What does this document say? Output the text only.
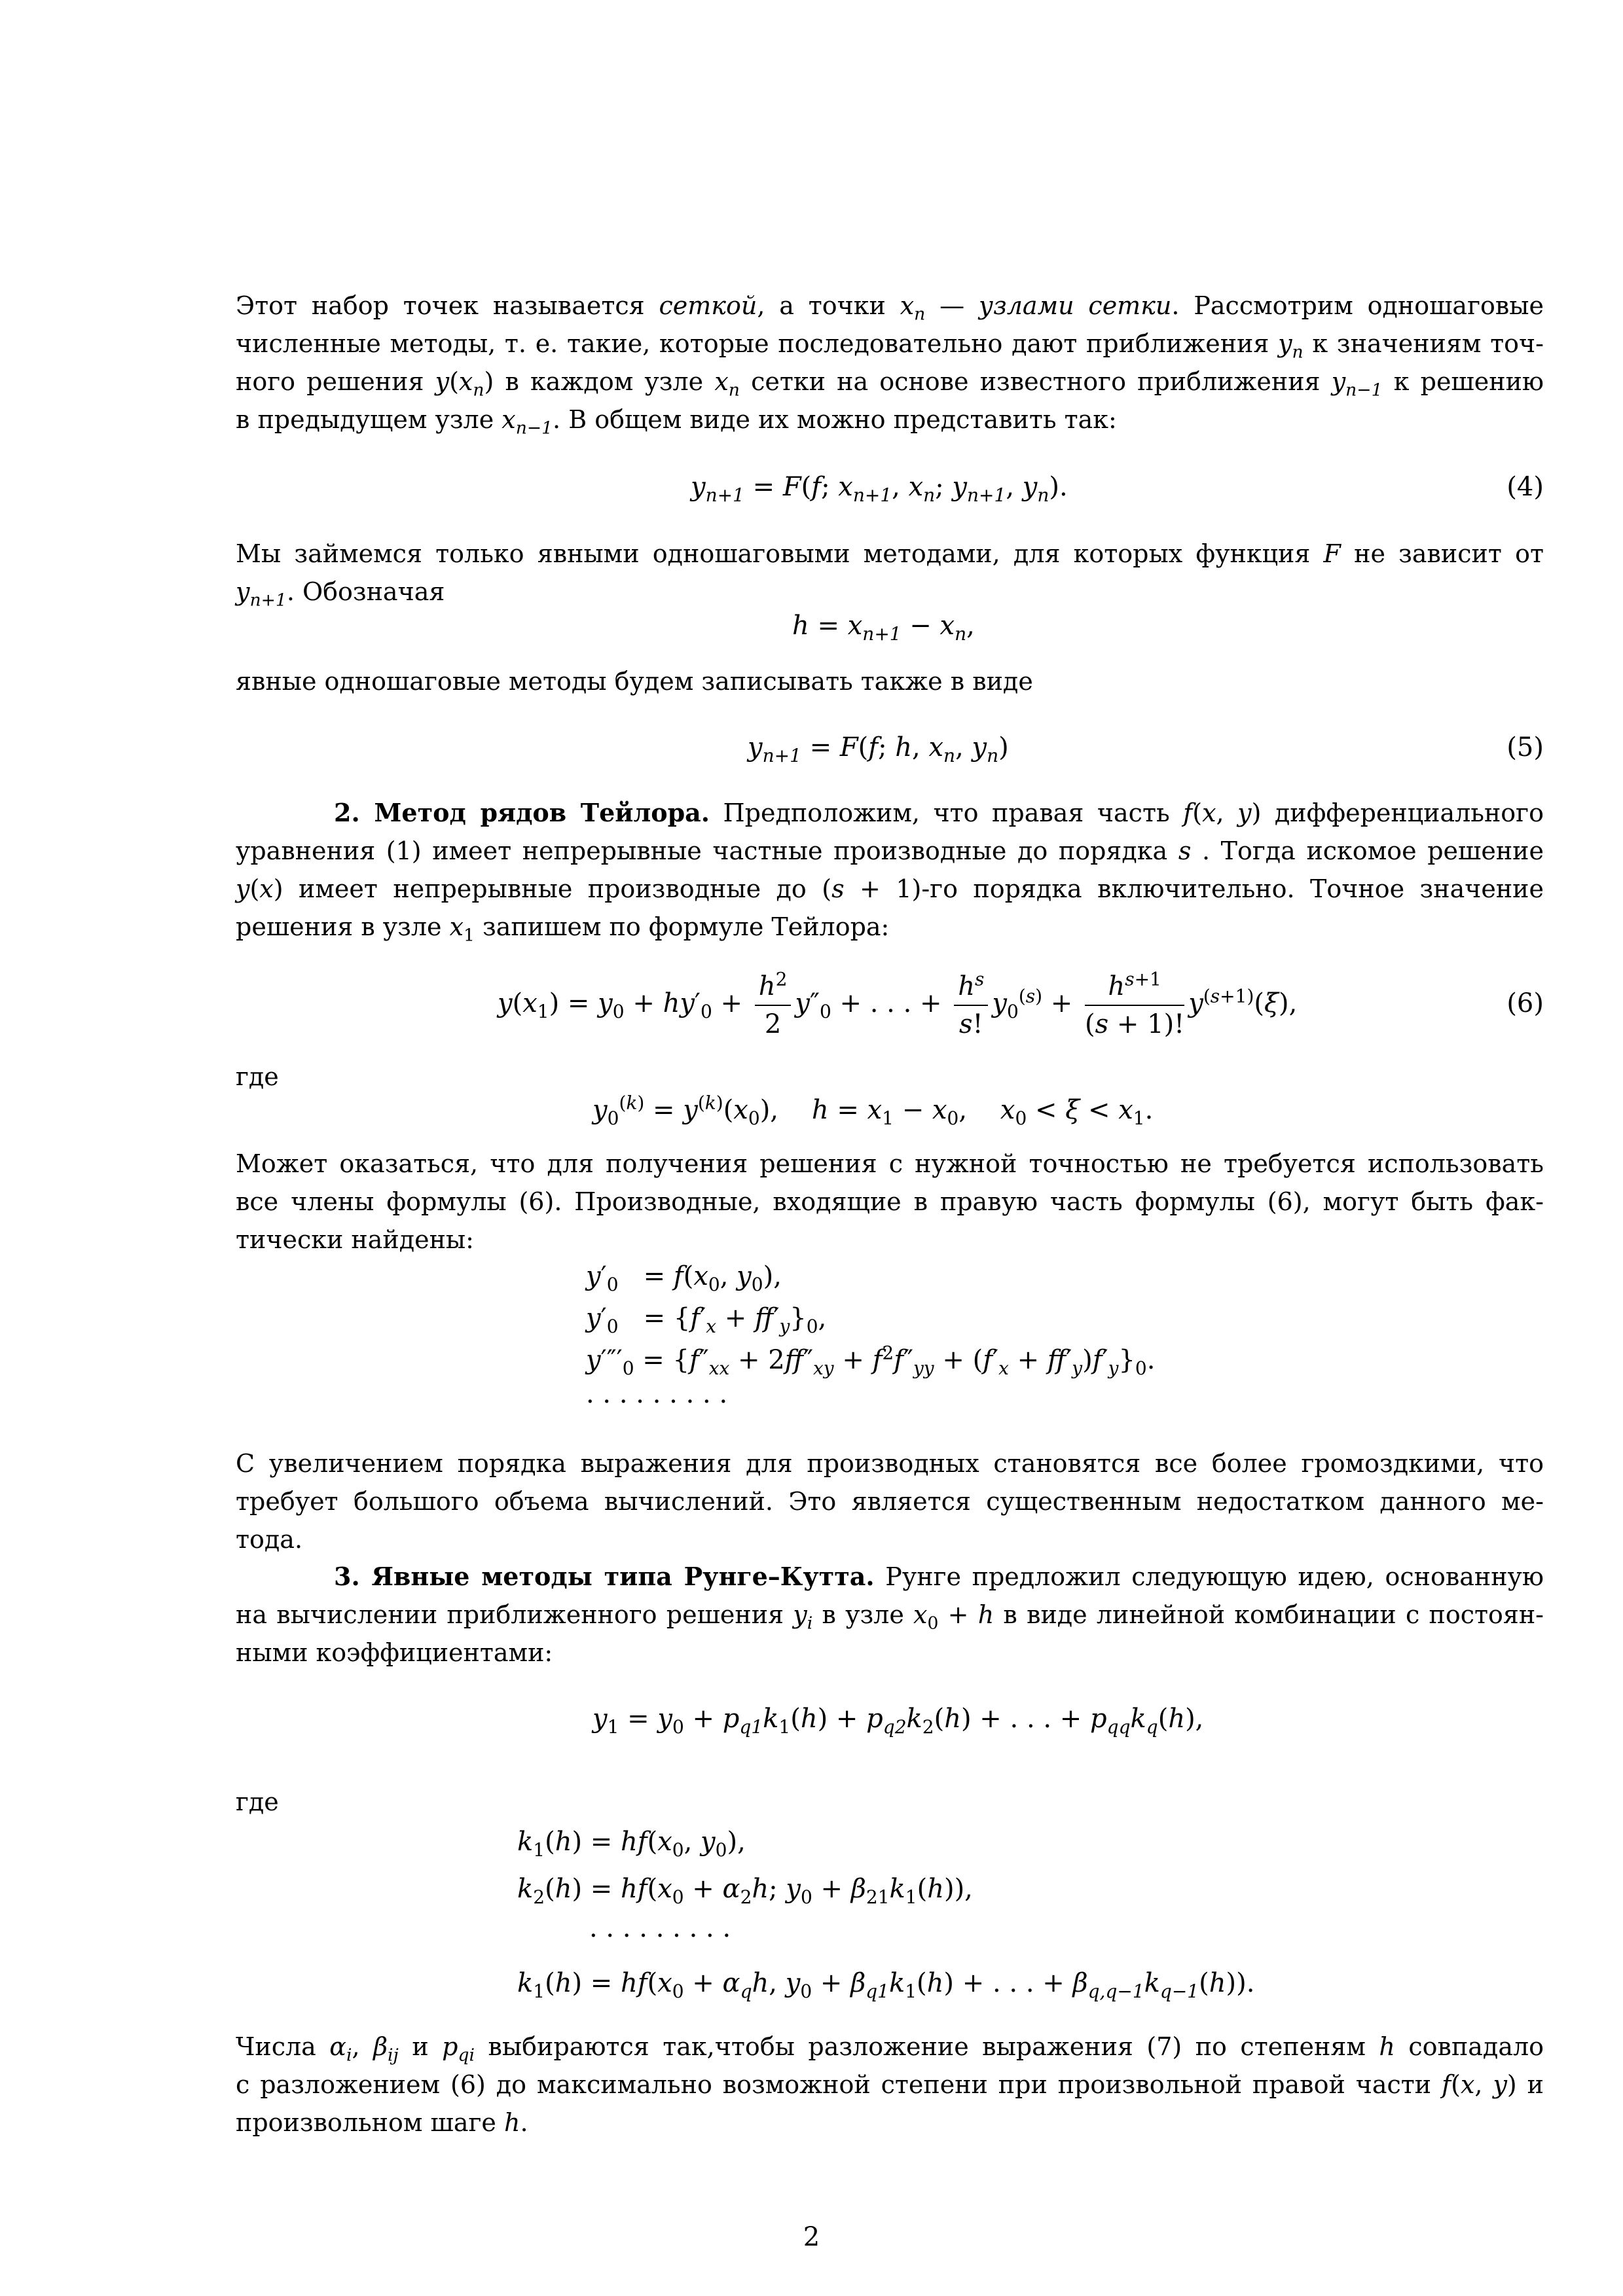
Этот набор точек называется сеткой, а точки $x_n$ — узлами сетки. Рассмотрим одношаговые
численные методы, т. е. такие, которые последовательно дают приближения $y_n$ к значениям точ-
ного решения $y(x_n)$ в каждом узле $x_n$ сетки на основе известного приближения $y_{n-1}$ к решению
в предыдущем узле $x_{n-1}$. В общем виде их можно представить так:
$y_{n+1} = F(f$; $x_{n+1}$, $x_n$; $y_{n+1}$, $y_n$).	(4)
Мы займемся только явными одношаговыми методами, для которых функция F не зависит от
$y_{n+1}$. Обозначая
$h = x_{n+1} - x_n$,
явные одношаговые методы будем записывать также в виде
$y_{n+1} = F(f$; h, $x_n$, $y_n$)	(5)
2. Метод рядов Тейлора. Предположим, что правая часть f(x, y) дифференциального
уравнения (1) имеет непрерывные частные производные до порядка s . Тогда искомое решение
y(x) имеет непрерывные производные до (s + 1)-го порядка включительно. Точное значение
решения в узле $x_1$ запишем по формуле Тейлора:
$y(x_1) = y_0 + hy'_0 + \frac{h^2}{2} y''_0$ + . . . + $\frac{h^s}{s!} y_0^{(s)} + \frac{h^{s+1}}{(s + 1)!} y^{(s+1)}(\xi)$,	(6)
где
$y_0^{(k)} = y^{(k)}(x_0)$,    $h = x_1 - x_0$,    $x_0 < \xi < x_1$.
Может оказаться, что для получения решения с нужной точностью не требуется использовать
все члены формулы (6). Производные, входящие в правую часть формулы (6), могут быть фак-
тически найдены:
$y'_0 = f(x_0$, $y_0$),
$y'_0 = \{f'_x + ff'_y\}_0$,
$y''''_0 = \{f''_{xx} + 2ff''_{xy} + f^2f''_{yy} + (f'_x + ff'_y)f'_y\}_0$.
· · · · · · · · ·
С увеличением порядка выражения для производных становятся все более громоздкими, что
требует большого объема вычислений. Это является существенным недостатком данного ме-
тода.
3. Явные методы типа Рунге–Кутта. Рунге предложил следующую идею, основанную
на вычислении приближенного решения $y_i$ в узле $x_0 + h$ в виде линейной комбинации с постоян-
ными коэффициентами:
$y_1 = y_0 + p_{q1}k_1(h) + p_{q2}k_2(h)$ + . . . + $p_{qq}k_q(h)$,
где
$k_1(h) = hf(x_0$, $y_0$),
$k_2(h) = hf(x_0 + \alpha_2h$; $y_0 + \beta_{21}k_1(h)$),
· · · · · · · · ·
$k_1(h) = hf(x_0 + \alpha_qh$, $y_0 + \beta_{q1}k_1(h)$ + . . . + $\beta_{q,q-1}k_{q-1}(h)$).
Числа $\alpha_i$, $\beta_{ij}$ и $p_{qi}$ выбираются так,чтобы разложение выражения (7) по степеням h совпадало
с разложением (6) до максимально возможной степени при произвольной правой части f(x, y) и
произвольном шаге h.
2
